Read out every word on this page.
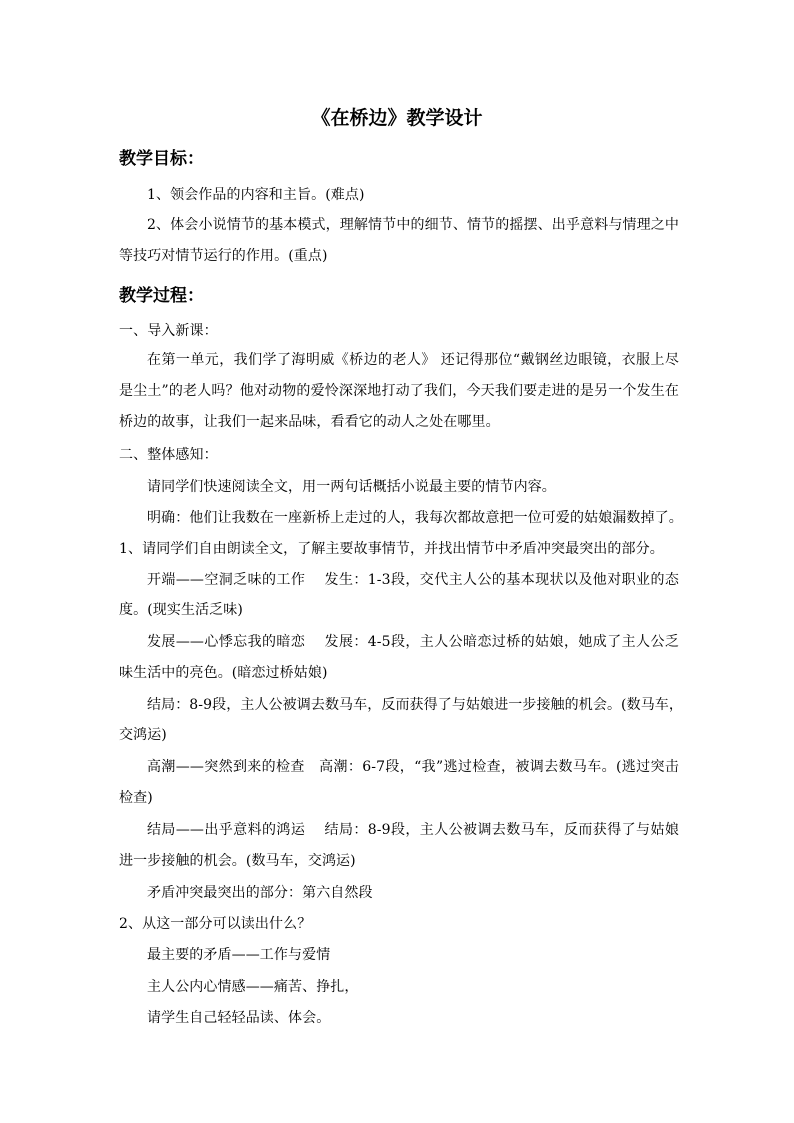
《在桥边》教学设计
教学目标：
1、领会作品的内容和主旨。(难点)
2、体会小说情节的基本模式，理解情节中的细节、情节的摇摆、出乎意料与情理之中
等技巧对情节运行的作用。(重点)
教学过程：
一、导入新课：
在第一单元，我们学了海明威《桥边的老人》 还记得那位“戴钢丝边眼镜，衣服上尽
是尘土”的老人吗？他对动物的爱怜深深地打动了我们，今天我们要走进的是另一个发生在
桥边的故事，让我们一起来品味，看看它的动人之处在哪里。
二、整体感知：
请同学们快速阅读全文，用一两句话概括小说最主要的情节内容。
明确：他们让我数在一座新桥上走过的人，我每次都故意把一位可爱的姑娘漏数掉了。
1、请同学们自由朗读全文，了解主要故事情节，并找出情节中矛盾冲突最突出的部分。
开端——空洞乏味的工作　 发生：1-3段，交代主人公的基本现状以及他对职业的态
度。(现实生活乏味)
发展——心悸忘我的暗恋　 发展：4-5段，主人公暗恋过桥的姑娘，她成了主人公乏
味生活中的亮色。(暗恋过桥姑娘)
结局：8-9段，主人公被调去数马车，反而获得了与姑娘进一步接触的机会。(数马车，
交鸿运)
高潮——突然到来的检查　高潮：6-7段，“我”逃过检查，被调去数马车。(逃过突击
检查)
结局——出乎意料的鸿运　 结局：8-9段，主人公被调去数马车，反而获得了与姑娘
进一步接触的机会。(数马车，交鸿运)
矛盾冲突最突出的部分：第六自然段
2、从这一部分可以读出什么？
最主要的矛盾——工作与爱情
主人公内心情感——痛苦、挣扎，
请学生自己轻轻品读、体会。
